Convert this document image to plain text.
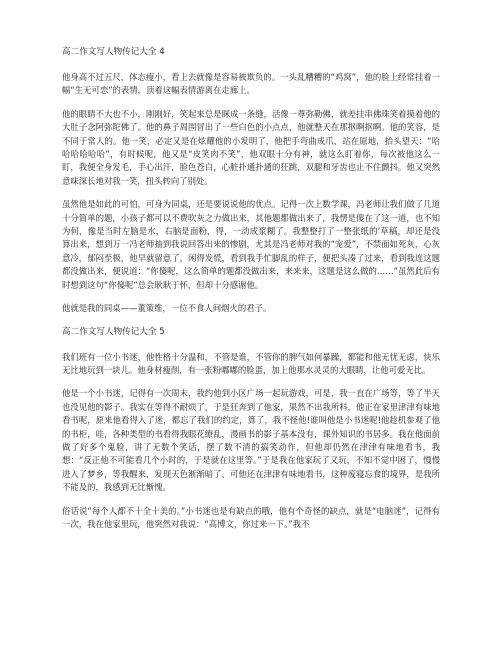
高二作文写人物传记大全 4

他身高不过五尺，体态瘦小，看上去就像是容易被欺负的。一头乱糟糟的“鸡窝”，他的脸上经常挂着一幅“生无可恋”的表情，顶着这幅表情游离在走廊上。

他的眼睛不大也不小，刚刚好，笑起来总是眯成一条缝，活像一尊弥勒佛，就差挂串佛珠笑着摸着他的大肚子念阿弥陀佛了。他的鼻子周围冒出了一些白色的小点点，他就整天在那抠啊抠啊。他的笑容，是不同于常人的。他一笑，必定又是在炫耀他的小发明了，他把手弯曲成爪，站在原地，抬头望天：“哈哈哈哈哈哈”，有时候呢，他又是“皮笑肉不笑”，他双眼十分有神，就这么盯着你，每次被他这么一盯，我便全身发毛，手心出汗，脸色苍白，心脏扑通扑通的狂跳，双腿和牙齿也止不住颤抖。他又突然意味深长地对我一笑，扭头转向了别处。

虽然他是如此的可怕，可身为同桌，还是要说说他的优点。记得一次上数学课，冯老师让我们做了几道十分简单的题，小孩子都可以不费吹灰之力做出来，其他题都做出来了，我愣是傻在了这一道，也不知为何，像是当时左脑是水，右脑是面粉，得，一动成浆糊了。我整整打了一整张纸的‘草稿，却还是没算出来，想到万一冯老师抽到我说回答出来的惨剧，尤其是冯老师对我的“宠爱”，不禁面如死灰，心灰意冷，郁闷至极，他早就留意了，闲得发慌，看到我手忙脚乱的样子，便把头凑了过来，看到我连这题都没做出来，便说道：“你傻呢，这么简单的题都没做出来，来来来，这题是这么做的……”虽然此后有时想到这句“你傻呢”总会耿耿于怀，但却十分感谢他。

他就是我的同桌——董策维，一位不食人间烟火的君子。

高二作文写人物传记大全 5

我们班有一位小书迷，他性格十分温和，不管是谁，不管你的脾气如何暴躁，都能和他无忧无虑，快乐无比地玩到一块儿。他身材瘦削，有一张粉嘟嘟的脸蛋，加上他那水灵灵的大眼睛，让他可爱无比。

他是一个小书迷，记得有一次周末，我约他到小区广场一起玩游戏，可是，我一直在广场等，等了半天也没见他的影子。我实在等得不耐烦了，于是狂奔到了他家，果然不出我所料，他正在家里津津有味地看书呢，原来他看得入了迷，都忘了我们的约定，算了，我不怪他!谁叫他是小书迷呢!他趁机参观了他的书柜，哇，各种类型的书看得我眼花缭乱，漫画书的影子基本没有，课外知识的书居多。我在他面前做了好多个鬼脸，讲了无数个笑话，摆了数不清的搞笑动作，但他却仍然在津津有味地看书，我想：“反正他不可能看几个小时的，于是就在这里等。”于是我在他家玩了又玩，不知不觉中困了，慢慢进入了梦乡，等我醒来，发现天色渐渐暗了，可他还在津津有味地看书，这种废寝忘食的境界，是我所不能及的，我感到无比惭愧。

俗话说“每个人都不十全十美的。”小书迷也是有缺点的哦，他有个奇怪的缺点，就是“电脑迷”，记得有一次，我在他家里玩，他突然对我说：“高博文，你过来一下。”我不
